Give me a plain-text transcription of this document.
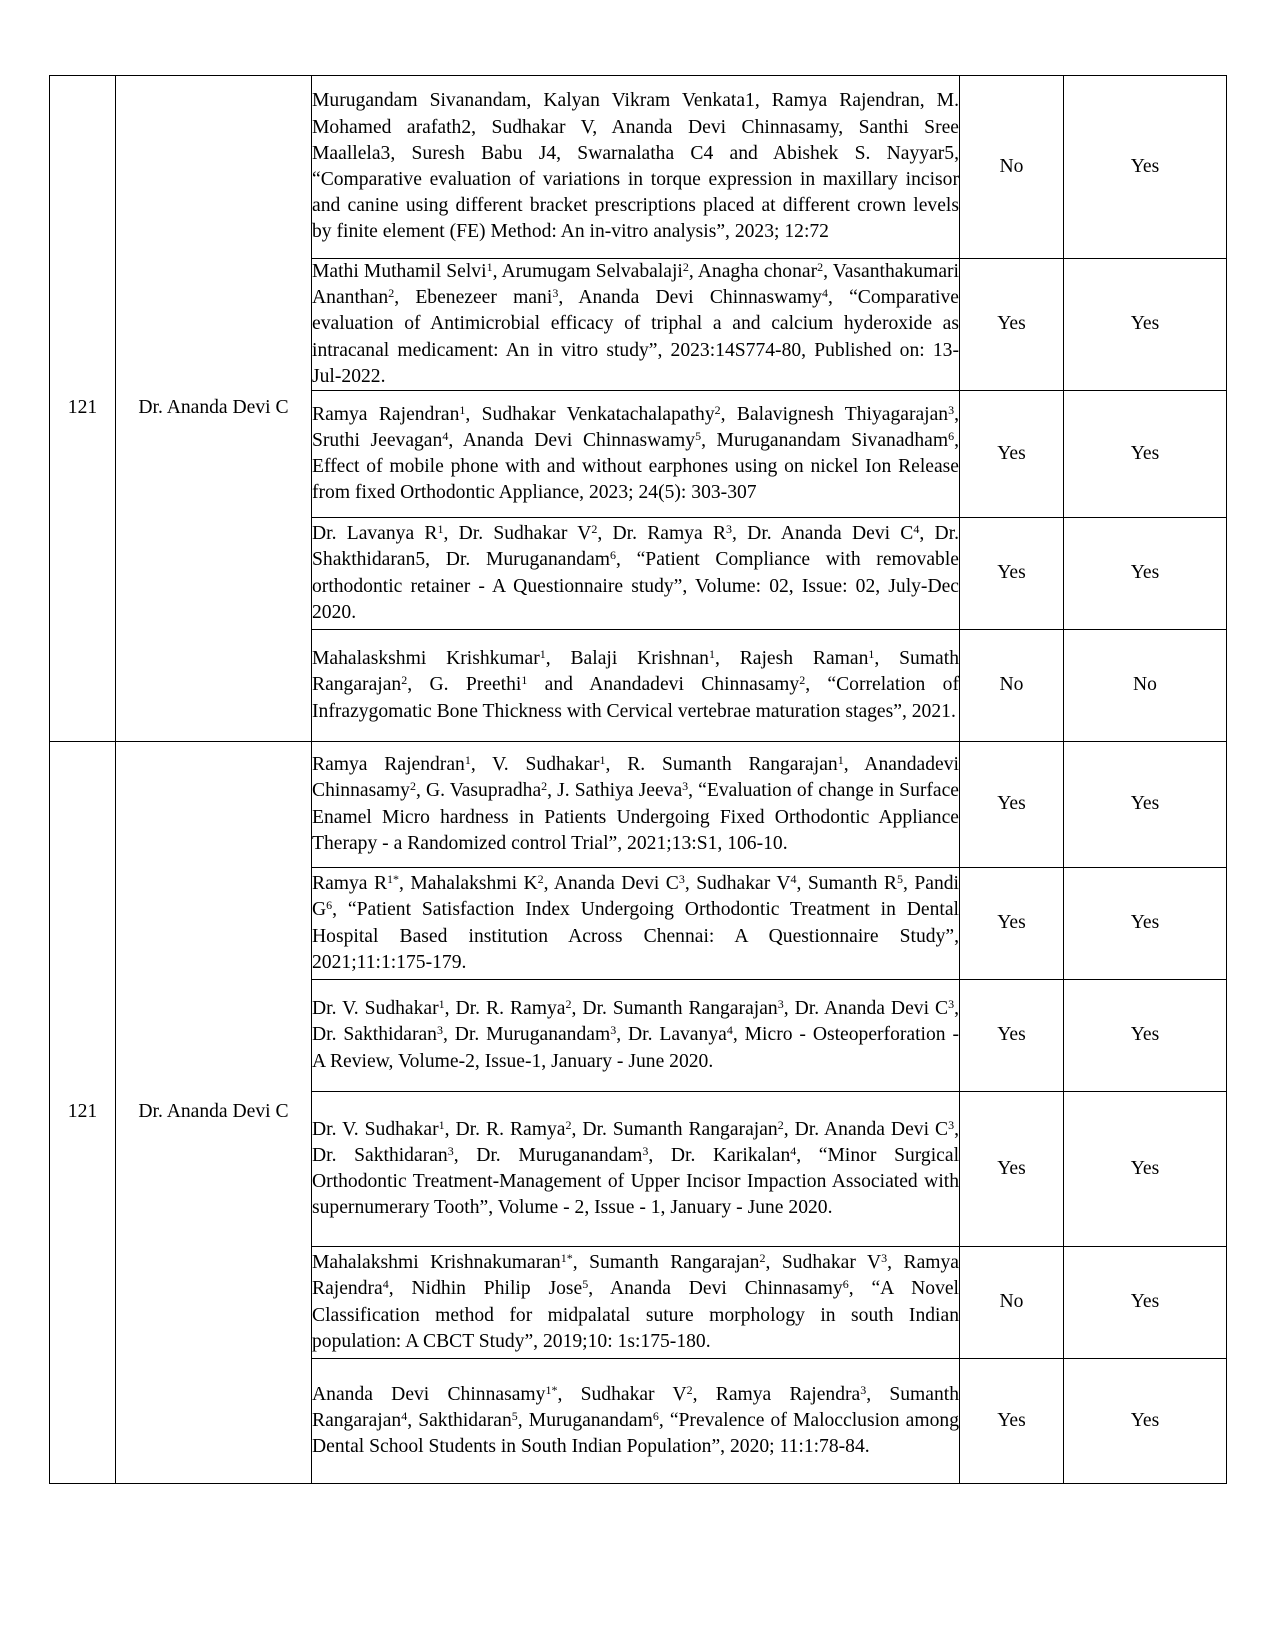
121	Dr. Ananda Devi C	Murugandam Sivanandam, Kalyan Vikram Venkata1, Ramya Rajendran, M. Mohamed arafath2, Sudhakar V, Ananda Devi Chinnasamy, Santhi Sree Maallela3, Suresh Babu J4, Swarnalatha C4 and Abishek S. Nayyar5, “Comparative evaluation of variations in torque expression in maxillary incisor and canine using different bracket prescriptions placed at different crown levels by finite element (FE) Method: An in-vitro analysis”, 2023; 12:72	No	Yes

		Mathi Muthamil Selvi$^1$, Arumugam Selvabalaji$^2$, Anagha chonar$^2$, Vasanthakumari Ananthan$^2$, Ebenezeer mani$^3$, Ananda Devi Chinnaswamy$^4$, “Comparative evaluation of Antimicrobial efficacy of triphal a and calcium hyderoxide as intracanal medicament: An in vitro study”, 2023:14S774-80, Published on: 13-Jul-2022.	Yes	Yes

		Ramya Rajendran$^1$, Sudhakar Venkatachalapathy$^2$, Balavignesh Thiyagarajan$^3$, Sruthi Jeevagan$^4$, Ananda Devi Chinnaswamy$^5$, Muruganandam Sivanadham$^6$, Effect of mobile phone with and without earphones using on nickel Ion Release from fixed Orthodontic Appliance, 2023; 24(5): 303-307	Yes	Yes

		Dr. Lavanya $R^1$, Dr. Sudhakar $V^2$, Dr. Ramya $R^3$, Dr. Ananda Devi $C^4$, Dr. Shakthidaran5, Dr. Muruganandam$^6$, “Patient Compliance with removable orthodontic retainer - A Questionnaire study”, Volume: 02, Issue: 02, July-Dec 2020.	Yes	Yes

		Mahalaskshmi Krishkumar$^1$, Balaji Krishnan$^1$, Rajesh Raman$^1$, Sumath Rangarajan$^2$, G. Preethi$^1$ and Anandadevi Chinnasamy$^2$, “Correlation of Infrazygomatic Bone Thickness with Cervical vertebrae maturation stages”, 2021.	No	No
121	Dr. Ananda Devi C	Ramya Rajendran$^1$, V. Sudhakar$^1$, R. Sumanth Rangarajan$^1$, Anandadevi Chinnasamy$^2$, G. Vasupradha$^2$, J. Sathiya Jeeva$^3$, “Evaluation of change in Surface Enamel Micro hardness in Patients Undergoing Fixed Orthodontic Appliance Therapy - a Randomized control Trial”, 2021;13:S1, 106-10.	Yes	Yes

		Ramya $R^{1*}$, Mahalakshmi $K^2$, Ananda Devi $C^3$, Sudhakar $V^4$, Sumanth $R^5$, Pandi $G^6$, “Patient Satisfaction Index Undergoing Orthodontic Treatment in Dental Hospital Based institution Across Chennai: A Questionnaire Study”, 2021;11:1:175-179.	Yes	Yes

		Dr. V. Sudhakar$^1$, Dr. R. Ramya$^2$, Dr. Sumanth Rangarajan$^3$, Dr. Ananda Devi $C^3$, Dr. Sakthidaran$^3$, Dr. Muruganandam$^3$, Dr. Lavanya$^4$, Micro - Osteoperforation - A Review, Volume-2, Issue-1, January - June 2020.	Yes	Yes

		Dr. V. Sudhakar$^1$, Dr. R. Ramya$^2$, Dr. Sumanth Rangarajan$^2$, Dr. Ananda Devi $C^3$, Dr. Sakthidaran$^3$, Dr. Muruganandam$^3$, Dr. Karikalan$^4$, “Minor Surgical Orthodontic Treatment-Management of Upper Incisor Impaction Associated with supernumerary Tooth”, Volume - 2, Issue - 1, January - June 2020.	Yes	Yes

		Mahalakshmi Krishnakumaran$^{1*}$, Sumanth Rangarajan$^2$, Sudhakar $V^3$, Ramya Rajendra$^4$, Nidhin Philip Jose$^5$, Ananda Devi Chinnasamy$^6$, “A Novel Classification method for midpalatal suture morphology in south Indian population: A CBCT Study”, 2019;10: 1s:175-180.	No	Yes

		Ananda Devi Chinnasamy$^{1*}$, Sudhakar $V^2$, Ramya Rajendra$^3$, Sumanth Rangarajan$^4$, Sakthidaran$^5$, Muruganandam$^6$, “Prevalence of Malocclusion among Dental School Students in South Indian Population”, 2020; 11:1:78-84.	Yes	Yes
